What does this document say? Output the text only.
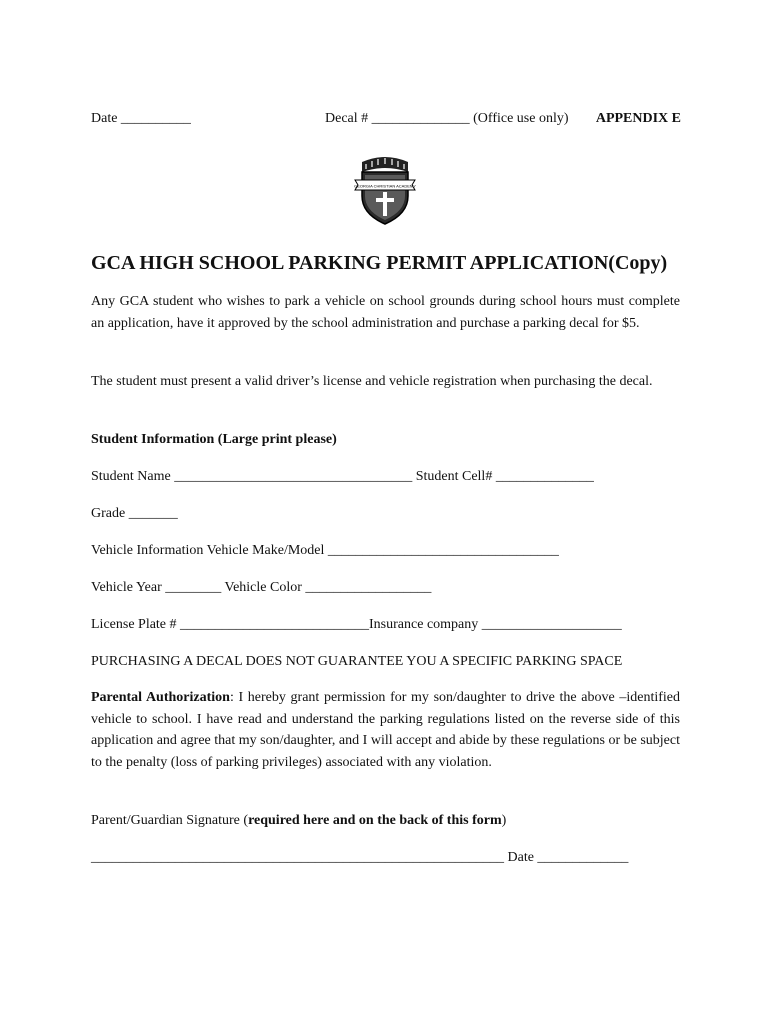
Date __________

	Decal # ______________ (Office use only)

APPENDIX E

GEORGIA CHRISTIAN ACADEMY
GCA HIGH SCHOOL PARKING PERMIT APPLICATION(Copy)
Any GCA student who wishes to park a vehicle on school grounds during school hours must complete an application, have it approved by the school administration and purchase a parking decal for $5.
The student must present a valid driver’s license and vehicle registration when purchasing the decal.
Student Information (Large print please)
Student Name __________________________________ Student Cell# ______________
Grade _______
Vehicle Information Vehicle Make/Model _________________________________
Vehicle Year ________ Vehicle Color __________________
License Plate # ___________________________Insurance company ____________________
PURCHASING A DECAL DOES NOT GUARANTEE YOU A SPECIFIC PARKING SPACE
Parental Authorization: I hereby grant permission for my son/daughter to drive the above –identified vehicle to school. I have read and understand the parking regulations listed on the reverse side of this application and agree that my son/daughter, and I will accept and abide by these regulations or be subject to the penalty (loss of parking privileges) associated with any violation.
Parent/Guardian Signature (required here and on the back of this form)
___________________________________________________________ Date _____________
